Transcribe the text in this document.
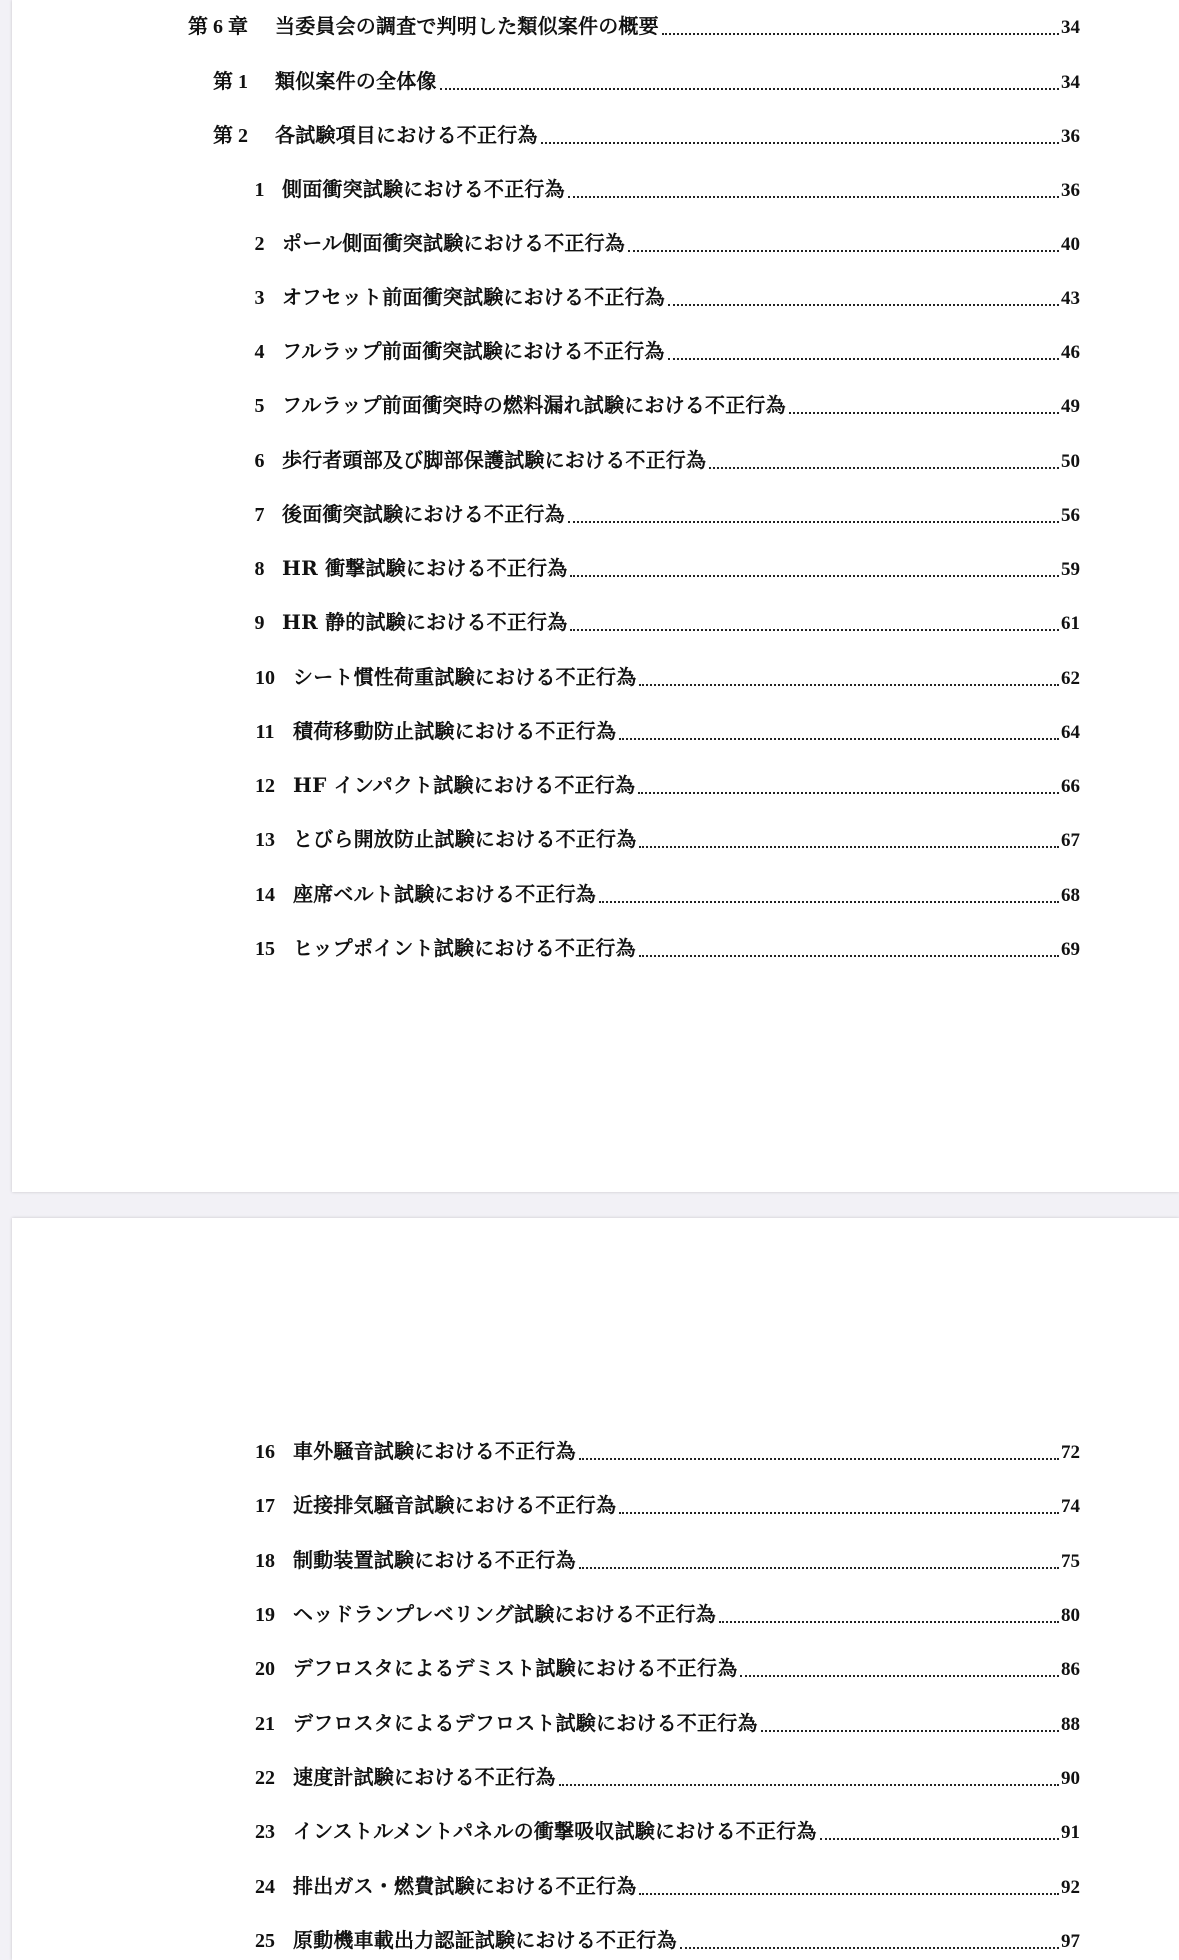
第 6 章	当委員会の調査で判明した類似案件の概要	34
第 1	類似案件の全体像	34
第 2	各試験項目における不正行為	36
1 側面衝突試験における不正行為	36
2 ポール側面衝突試験における不正行為	40
3 オフセット前面衝突試験における不正行為	43
4 フルラップ前面衝突試験における不正行為	46
5 フルラップ前面衝突時の燃料漏れ試験における不正行為	49
6 歩行者頭部及び脚部保護試験における不正行為	50
7 後面衝突試験における不正行為	56
8 HR 衝撃試験における不正行為	59
9 HR 静的試験における不正行為	61
10 シート慣性荷重試験における不正行為	62
11 積荷移動防止試験における不正行為	64
12 HF インパクト試験における不正行為	66
13 とびら開放防止試験における不正行為	67
14 座席ベルト試験における不正行為	68
15 ヒップポイント試験における不正行為	69
16 車外騒音試験における不正行為	72
17 近接排気騒音試験における不正行為	74
18 制動装置試験における不正行為	75
19 ヘッドランプレベリング試験における不正行為	80
20 デフロスタによるデミスト試験における不正行為	86
21 デフロスタによるデフロスト試験における不正行為	88
22 速度計試験における不正行為	90
23 インストルメントパネルの衝撃吸収試験における不正行為	91
24 排出ガス・燃費試験における不正行為	92
25 原動機車載出力認証試験における不正行為	97
